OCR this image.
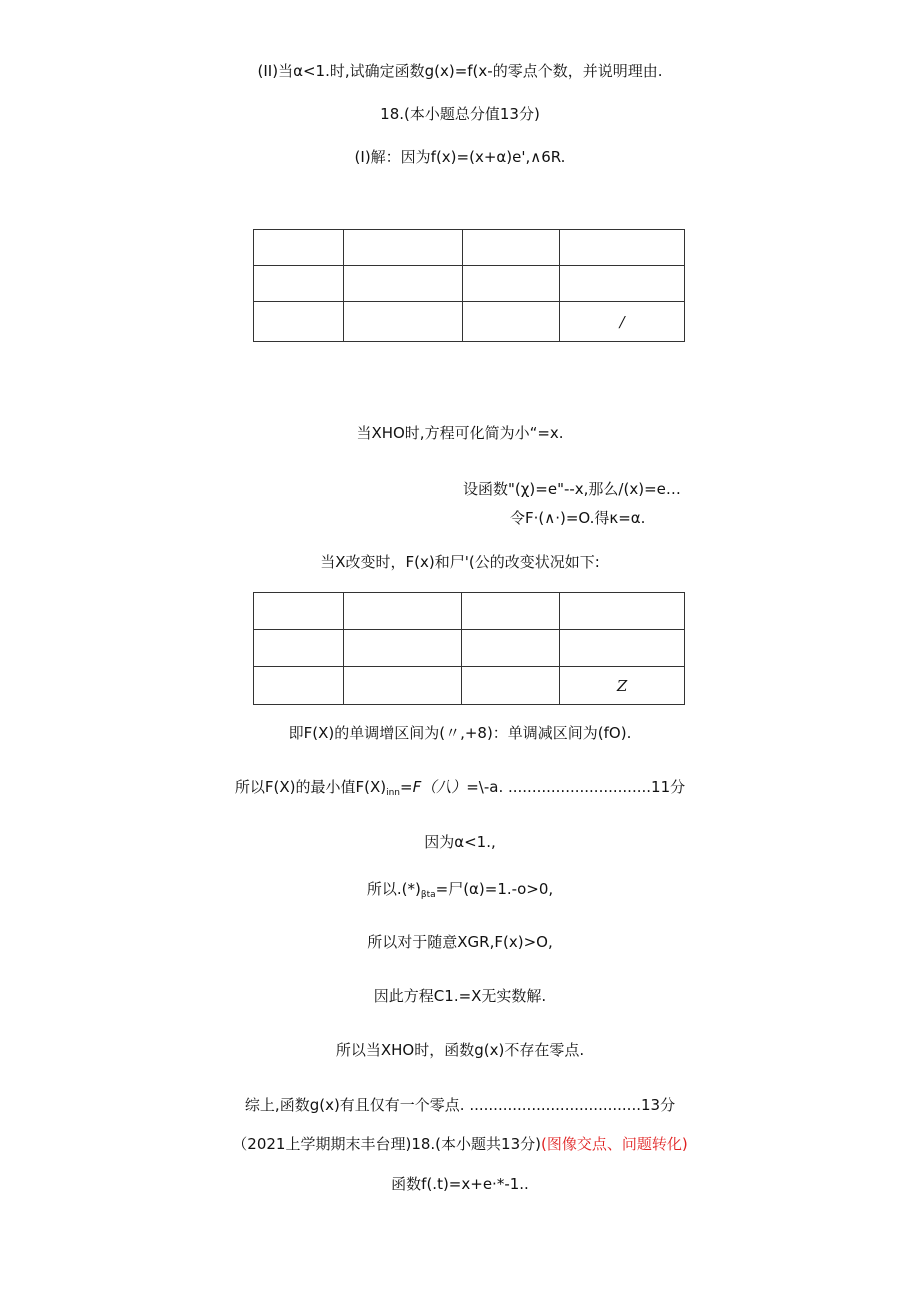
(II)当α<1.时,试确定函数g(x)=f(x-的零点个数，并说明理由.
18.(本小题总分值13分)
(I)解：因为f(x)=(x+α)e',∧6R.

			/
当XHO时,方程可化简为小“=x.
设函数"(χ)=e"--x,那么/(x)=e…
令F·(∧·)=O.得κ=α.
当X改变时，F(x)和尸'(公的改变状况如下:

			Z
即F(X)的单调增区间为(〃,+8)：单调减区间为(fO).
所以F(X)的最小值$F(X)_{inn}=F$（八）=\-a. ..............................11分
因为α<1.,
所以$.(*)_{\beta ta}=$尸(α)=1.-o>0,
所以对于随意XGR,F(x)>O,
因此方程C1.=X无实数解.
所以当XHO时，函数g(x)不存在零点.
综上,函数g(x)有且仅有一个零点. ....................................13分
（2021上学期期末丰台理)18.(本小题共13分)(图像交点、问题转化)
函数f(.t)=x+e·*-1..
